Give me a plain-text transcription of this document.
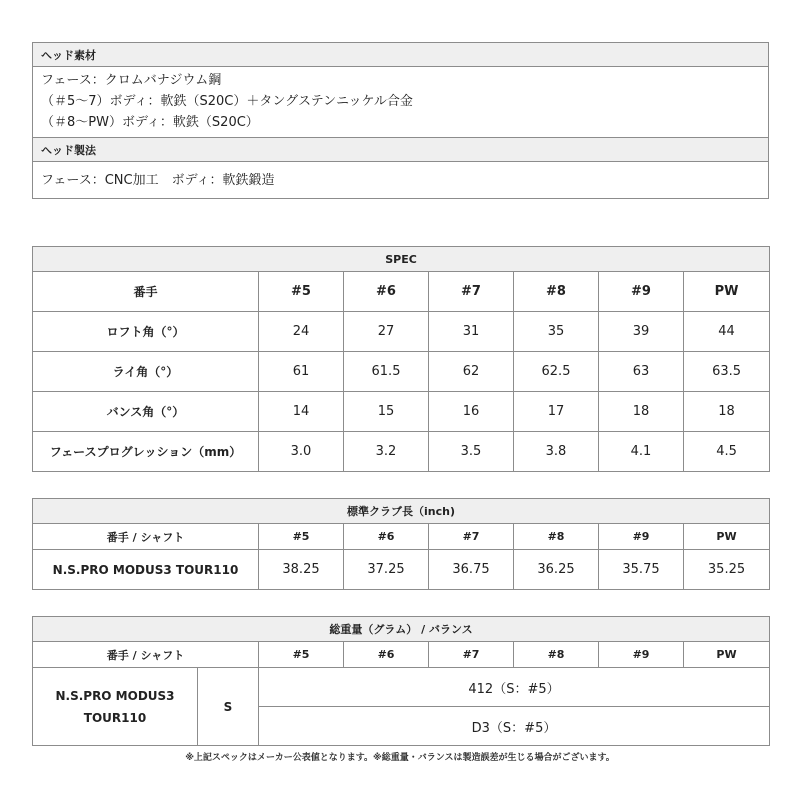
ヘッド素材

フェース：クロムバナジウム鋼
（＃5～7）ボディ：軟鉄（S20C）＋タングステンニッケル合金
（＃8～PW）ボディ：軟鉄（S20C）

ヘッド製法
フェース：CNC加工　ボディ：軟鉄鍛造
SPEC						
番手	#5	#6	#7	#8	#9	PW
ロフト角（°）	24	27	31	35	39	44
ライ角（°）	61	61.5	62	62.5	63	63.5
バンス角（°）	14	15	16	17	18	18
フェースプログレッション（mm）	3.0	3.2	3.5	3.8	4.1	4.5
標準クラブ長（inch)						
番手 / シャフト	#5	#6	#7	#8	#9	PW
N.S.PRO MODUS3 TOUR110	38.25	37.25	36.75	36.25	35.75	35.25
総重量（グラム） / バランス							
番手 / シャフト		#5	#6	#7	#8	#9	PW

N.S.PRO MODUS3
TOUR110	S	412（S：#5）					
		D3（S：#5）					
※上記スペックはメーカー公表値となります。※総重量・バランスは製造誤差が生じる場合がございます。
